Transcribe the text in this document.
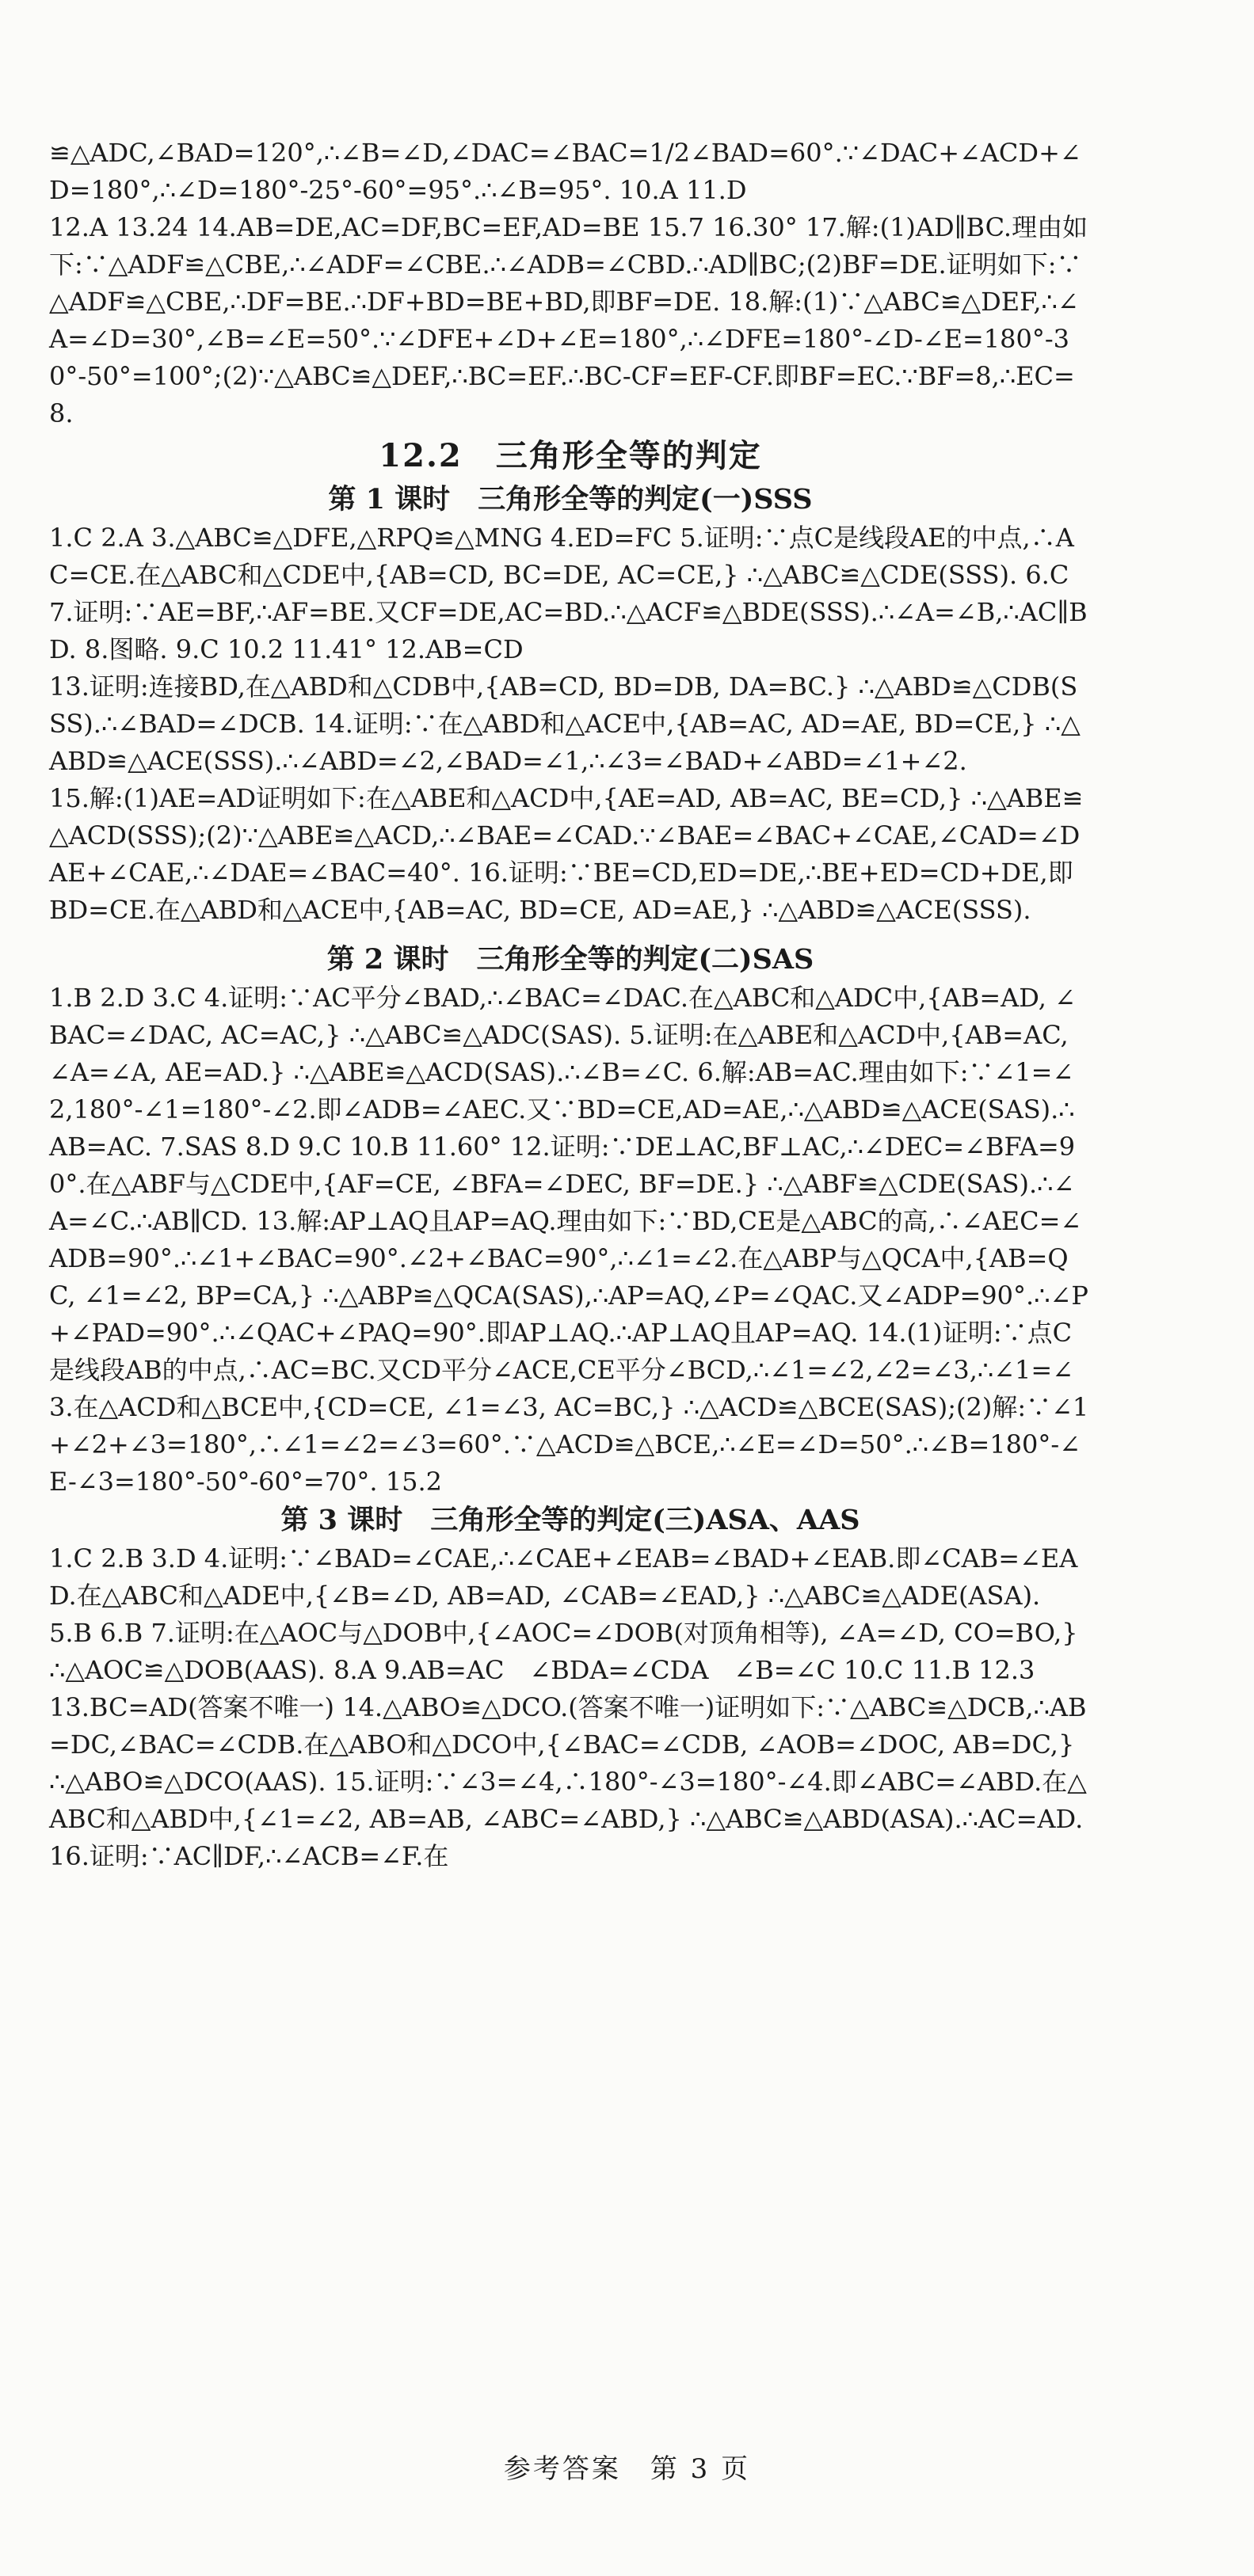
≌△ADC,∠BAD=120°,∴∠B=∠D,∠DAC=∠BAC=1/2∠BAD=60°.∵∠DAC+∠ACD+∠D=180°,∴∠D=180°-25°-60°=95°.∴∠B=95°. 10.A 11.D

12.A 13.24 14.AB=DE,AC=DF,BC=EF,AD=BE 15.7 16.30° 17.解:(1)AD∥BC.理由如下:∵△ADF≌△CBE,∴∠ADF=∠CBE.∴∠ADB=∠CBD.∴AD∥BC;(2)BF=DE.证明如下:∵△ADF≌△CBE,∴DF=BE.∴DF+BD=BE+BD,即BF=DE. 18.解:(1)∵△ABC≌△DEF,∴∠A=∠D=30°,∠B=∠E=50°.∵∠DFE+∠D+∠E=180°,∴∠DFE=180°-∠D-∠E=180°-30°-50°=100°;(2)∵△ABC≌△DEF,∴BC=EF.∴BC-CF=EF-CF.即BF=EC.∵BF=8,∴EC=8.

12.2　三角形全等的判定
第 1 课时　三角形全等的判定(一)SSS

1.C 2.A 3.△ABC≌△DFE,△RPQ≌△MNG 4.ED=FC 5.证明:∵点C是线段AE的中点,∴AC=CE.在△ABC和△CDE中,{AB=CD, BC=DE, AC=CE,} ∴△ABC≌△CDE(SSS). 6.C 7.证明:∵AE=BF,∴AF=BE.又CF=DE,AC=BD.∴△ACF≌△BDE(SSS).∴∠A=∠B,∴AC∥BD. 8.图略. 9.C 10.2 11.41° 12.AB=CD

13.证明:连接BD,在△ABD和△CDB中,{AB=CD, BD=DB, DA=BC.} ∴△ABD≌△CDB(SSS).∴∠BAD=∠DCB. 14.证明:∵在△ABD和△ACE中,{AB=AC, AD=AE, BD=CE,} ∴△ABD≌△ACE(SSS).∴∠ABD=∠2,∠BAD=∠1,∴∠3=∠BAD+∠ABD=∠1+∠2.

15.解:(1)AE=AD证明如下:在△ABE和△ACD中,{AE=AD, AB=AC, BE=CD,} ∴△ABE≌△ACD(SSS);(2)∵△ABE≌△ACD,∴∠BAE=∠CAD.∵∠BAE=∠BAC+∠CAE,∠CAD=∠DAE+∠CAE,∴∠DAE=∠BAC=40°. 16.证明:∵BE=CD,ED=DE,∴BE+ED=CD+DE,即BD=CE.在△ABD和△ACE中,{AB=AC, BD=CE, AD=AE,} ∴△ABD≌△ACE(SSS).

第 2 课时　三角形全等的判定(二)SAS

1.B 2.D 3.C 4.证明:∵AC平分∠BAD,∴∠BAC=∠DAC.在△ABC和△ADC中,{AB=AD, ∠BAC=∠DAC, AC=AC,} ∴△ABC≌△ADC(SAS). 5.证明:在△ABE和△ACD中,{AB=AC, ∠A=∠A, AE=AD.} ∴△ABE≌△ACD(SAS).∴∠B=∠C. 6.解:AB=AC.理由如下:∵∠1=∠2,180°-∠1=180°-∠2.即∠ADB=∠AEC.又∵BD=CE,AD=AE,∴△ABD≌△ACE(SAS).∴AB=AC. 7.SAS 8.D 9.C 10.B 11.60° 12.证明:∵DE⊥AC,BF⊥AC,∴∠DEC=∠BFA=90°.在△ABF与△CDE中,{AF=CE, ∠BFA=∠DEC, BF=DE.} ∴△ABF≌△CDE(SAS).∴∠A=∠C.∴AB∥CD. 13.解:AP⊥AQ且AP=AQ.理由如下:∵BD,CE是△ABC的高,∴∠AEC=∠ADB=90°.∴∠1+∠BAC=90°.∠2+∠BAC=90°,∴∠1=∠2.在△ABP与△QCA中,{AB=QC, ∠1=∠2, BP=CA,} ∴△ABP≌△QCA(SAS),∴AP=AQ,∠P=∠QAC.又∠ADP=90°.∴∠P+∠PAD=90°.∴∠QAC+∠PAQ=90°.即AP⊥AQ.∴AP⊥AQ且AP=AQ. 14.(1)证明:∵点C是线段AB的中点,∴AC=BC.又CD平分∠ACE,CE平分∠BCD,∴∠1=∠2,∠2=∠3,∴∠1=∠3.在△ACD和△BCE中,{CD=CE, ∠1=∠3, AC=BC,} ∴△ACD≌△BCE(SAS);(2)解:∵∠1+∠2+∠3=180°,∴∠1=∠2=∠3=60°.∵△ACD≌△BCE,∴∠E=∠D=50°.∴∠B=180°-∠E-∠3=180°-50°-60°=70°. 15.2

第 3 课时　三角形全等的判定(三)ASA、AAS

1.C 2.B 3.D 4.证明:∵∠BAD=∠CAE,∴∠CAE+∠EAB=∠BAD+∠EAB.即∠CAB=∠EAD.在△ABC和△ADE中,{∠B=∠D, AB=AD, ∠CAB=∠EAD,} ∴△ABC≌△ADE(ASA).

5.B 6.B 7.证明:在△AOC与△DOB中,{∠AOC=∠DOB(对顶角相等), ∠A=∠D, CO=BO,} ∴△AOC≌△DOB(AAS). 8.A 9.AB=AC　∠BDA=∠CDA　∠B=∠C 10.C 11.B 12.3

13.BC=AD(答案不唯一) 14.△ABO≌△DCO.(答案不唯一)证明如下:∵△ABC≌△DCB,∴AB=DC,∠BAC=∠CDB.在△ABO和△DCO中,{∠BAC=∠CDB, ∠AOB=∠DOC, AB=DC,} ∴△ABO≌△DCO(AAS). 15.证明:∵∠3=∠4,∴180°-∠3=180°-∠4.即∠ABC=∠ABD.在△ABC和△ABD中,{∠1=∠2, AB=AB, ∠ABC=∠ABD,} ∴△ABC≌△ABD(ASA).∴AC=AD. 16.证明:∵AC∥DF,∴∠ACB=∠F.在

参考答案　第 3 页
